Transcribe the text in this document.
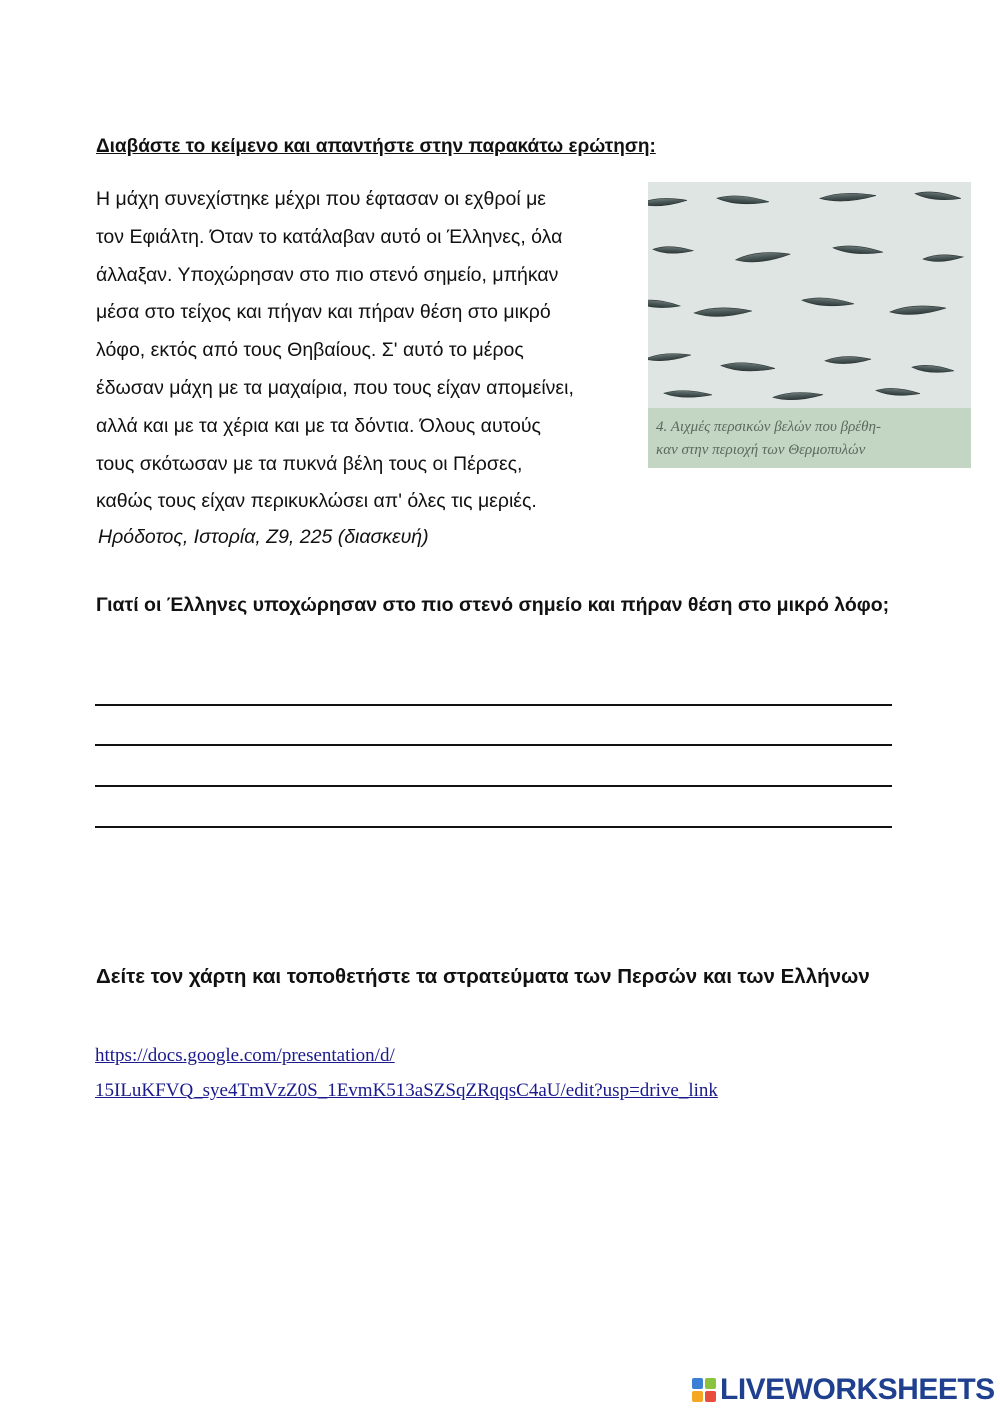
Διαβάστε το κείμενο και απαντήστε στην παρακάτω ερώτηση:
Η μάχη συνεχίστηκε μέχρι που έφτασαν οι εχθροί με
τον Εφιάλτη. Όταν το κατάλαβαν αυτό οι Έλληνες, όλα
άλλαξαν. Υποχώρησαν στο πιο στενό σημείο, μπήκαν
μέσα στο τείχος και πήγαν και πήραν θέση στο μικρό
λόφο, εκτός από τους Θηβαίους. Σ' αυτό το μέρος
έδωσαν μάχη με τα μαχαίρια, που τους είχαν απομείνει,
αλλά και με τα χέρια και με τα δόντια. Όλους αυτούς
τους σκότωσαν με τα πυκνά βέλη τους οι Πέρσες,
καθώς τους είχαν περικυκλώσει απ' όλες τις μεριές.
Ηρόδοτος, Ιστορία, Ζ9, 225 (διασκευή)
4. Αιχμές περσικών βελών που βρέθη-
καν στην περιοχή των Θερμοπυλών

Γιατί οι Έλληνες υποχώρησαν στο πιο στενό σημείο και πήραν θέση στο μικρό λόφο;

Δείτε τον χάρτη και τοποθετήστε τα στρατεύματα των Περσών και των Ελλήνων
https://docs.google.com/presentation/d/
15ILuKFVQ_sye4TmVzZ0S_1EvmK513aSZSqZRqqsC4aU/edit?usp=drive_link
LIVEWORKSHEETS
